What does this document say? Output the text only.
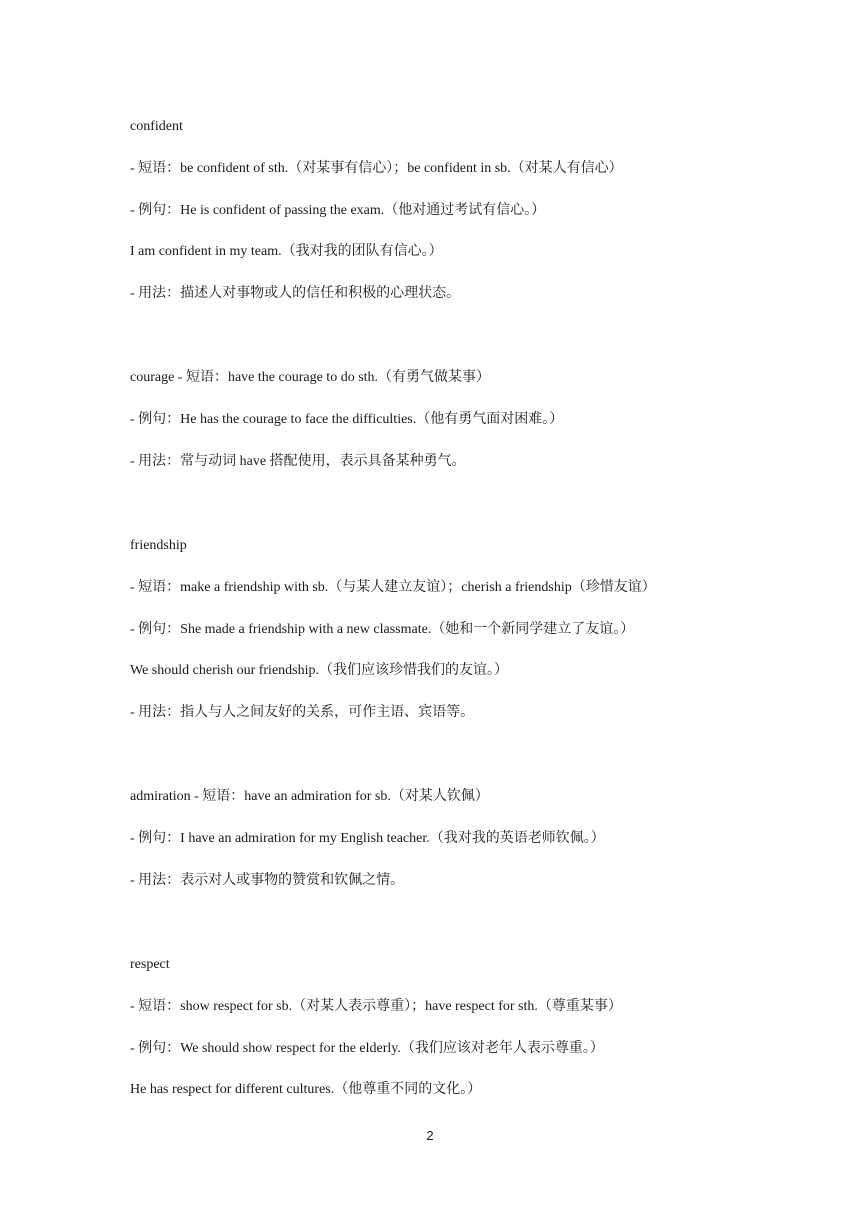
confident
- 短语：be confident of sth.（对某事有信心）；be confident in sb.（对某人有信心）
- 例句：He is confident of passing the exam.（他对通过考试有信心。）
I am confident in my team.（我对我的团队有信心。）
- 用法：描述人对事物或人的信任和积极的心理状态。
courage - 短语：have the courage to do sth.（有勇气做某事）
- 例句：He has the courage to face the difficulties.（他有勇气面对困难。）
- 用法：常与动词 have 搭配使用，表示具备某种勇气。
friendship
- 短语：make a friendship with sb.（与某人建立友谊）；cherish a friendship（珍惜友谊）
- 例句：She made a friendship with a new classmate.（她和一个新同学建立了友谊。）
We should cherish our friendship.（我们应该珍惜我们的友谊。）
- 用法：指人与人之间友好的关系，可作主语、宾语等。
admiration - 短语：have an admiration for sb.（对某人钦佩）
- 例句：I have an admiration for my English teacher.（我对我的英语老师钦佩。）
- 用法：表示对人或事物的赞赏和钦佩之情。
respect
- 短语：show respect for sb.（对某人表示尊重）；have respect for sth.（尊重某事）
- 例句：We should show respect for the elderly.（我们应该对老年人表示尊重。）
He has respect for different cultures.（他尊重不同的文化。）
2
